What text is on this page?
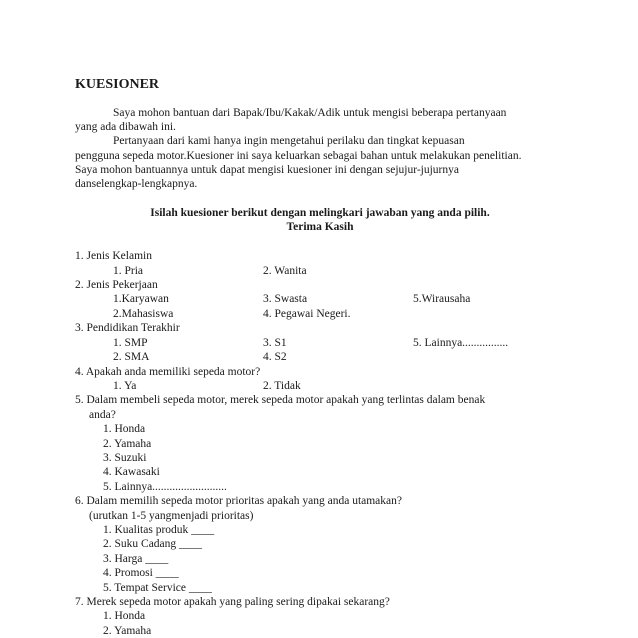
KUESIONER
Saya mohon bantuan dari Bapak/Ibu/Kakak/Adik untuk mengisi beberapa pertanyaan
yang ada dibawah ini.
Pertanyaan dari kami hanya ingin mengetahui perilaku dan tingkat kepuasan
pengguna sepeda motor.Kuesioner ini saya keluarkan sebagai bahan untuk melakukan penelitian.
Saya mohon bantuannya untuk dapat mengisi kuesioner ini dengan sejujur-jujurnya
danselengkap-lengkapnya.
Isilah kuesioner berikut dengan melingkari jawaban yang anda pilih.
Terima Kasih
1. Jenis Kelamin
1. Pria	2. Wanita
2. Jenis Pekerjaan
1.Karyawan	3. Swasta	5.Wirausaha
2.Mahasiswa	4. Pegawai Negeri.
3. Pendidikan Terakhir
1. SMP	3. S1	5. Lainnya................
2. SMA	4. S2
4. Apakah anda memiliki sepeda motor?
1. Ya	2. Tidak
5. Dalam membeli sepeda motor, merek sepeda motor apakah yang terlintas dalam benak
anda?
1. Honda
2. Yamaha
3. Suzuki
4. Kawasaki
5. Lainnya..........................
6. Dalam memilih sepeda motor prioritas apakah yang anda utamakan?
(urutkan 1-5 yangmenjadi prioritas)
1. Kualitas produk ____
2. Suku Cadang ____
3. Harga ____
4. Promosi ____
5. Tempat Service ____
7. Merek sepeda motor apakah yang paling sering dipakai sekarang?
1. Honda
2. Yamaha
